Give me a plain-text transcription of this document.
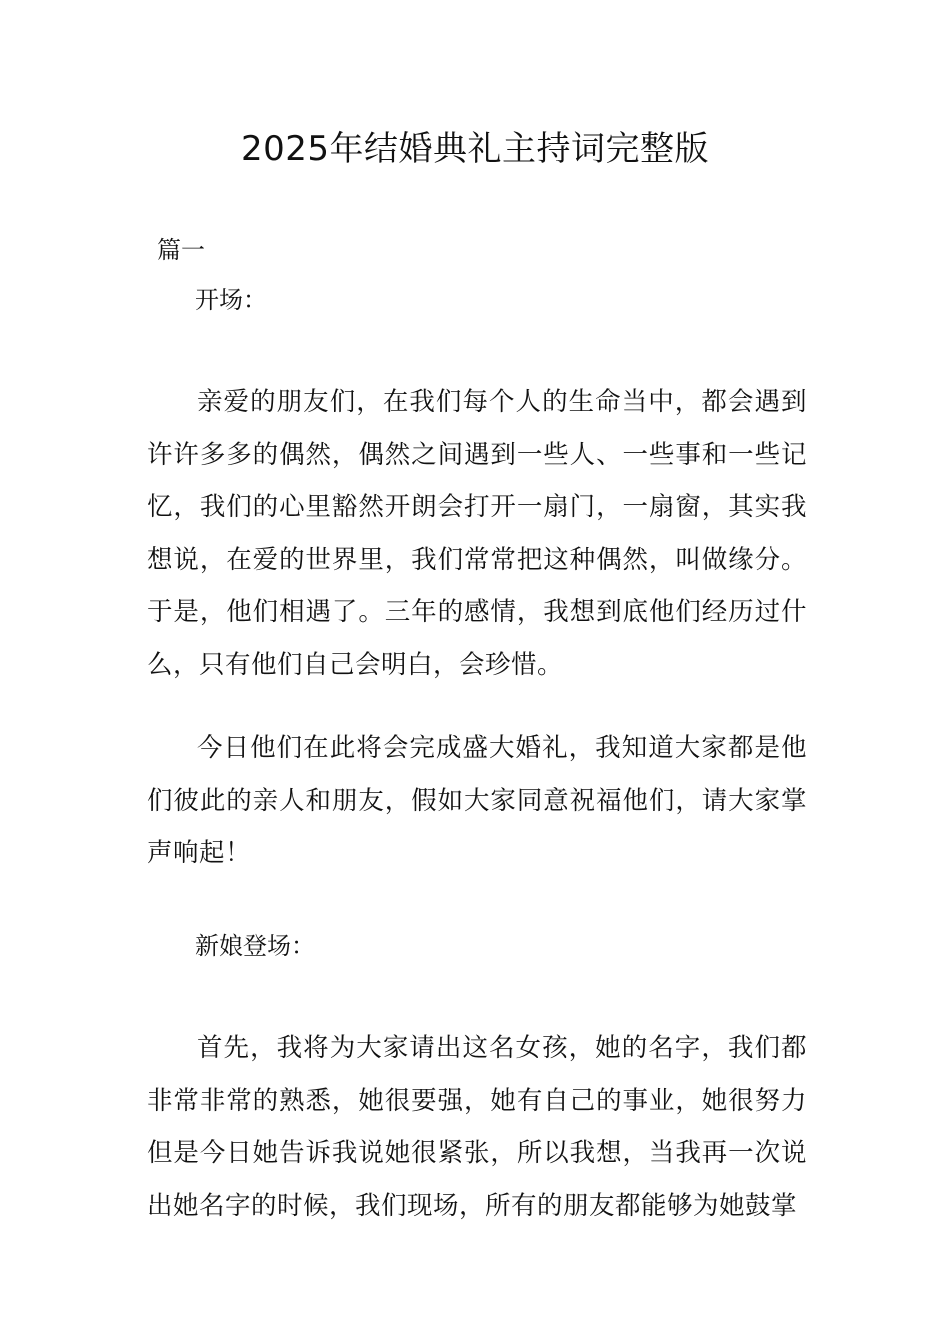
2025年结婚典礼主持词完整版
篇一
开场：

亲爱的朋友们，在我们每个人的生命当中，都会遇到许许多多的偶然，偶然之间遇到一些人、一些事和一些记忆，我们的心里豁然开朗会打开一扇门，一扇窗，其实我想说，在爱的世界里，我们常常把这种偶然，叫做缘分。于是，他们相遇了。三年的感情，我想到底他们经历过什么，只有他们自己会明白，会珍惜。

今日他们在此将会完成盛大婚礼，我知道大家都是他们彼此的亲人和朋友，假如大家同意祝福他们，请大家掌声响起！

新娘登场：

首先，我将为大家请出这名女孩，她的名字，我们都非常非常的熟悉，她很要强，她有自己的事业，她很努力但是今日她告诉我说她很紧张，所以我想，当我再一次说出她名字的时候，我们现场，所有的朋友都能够为她鼓掌
